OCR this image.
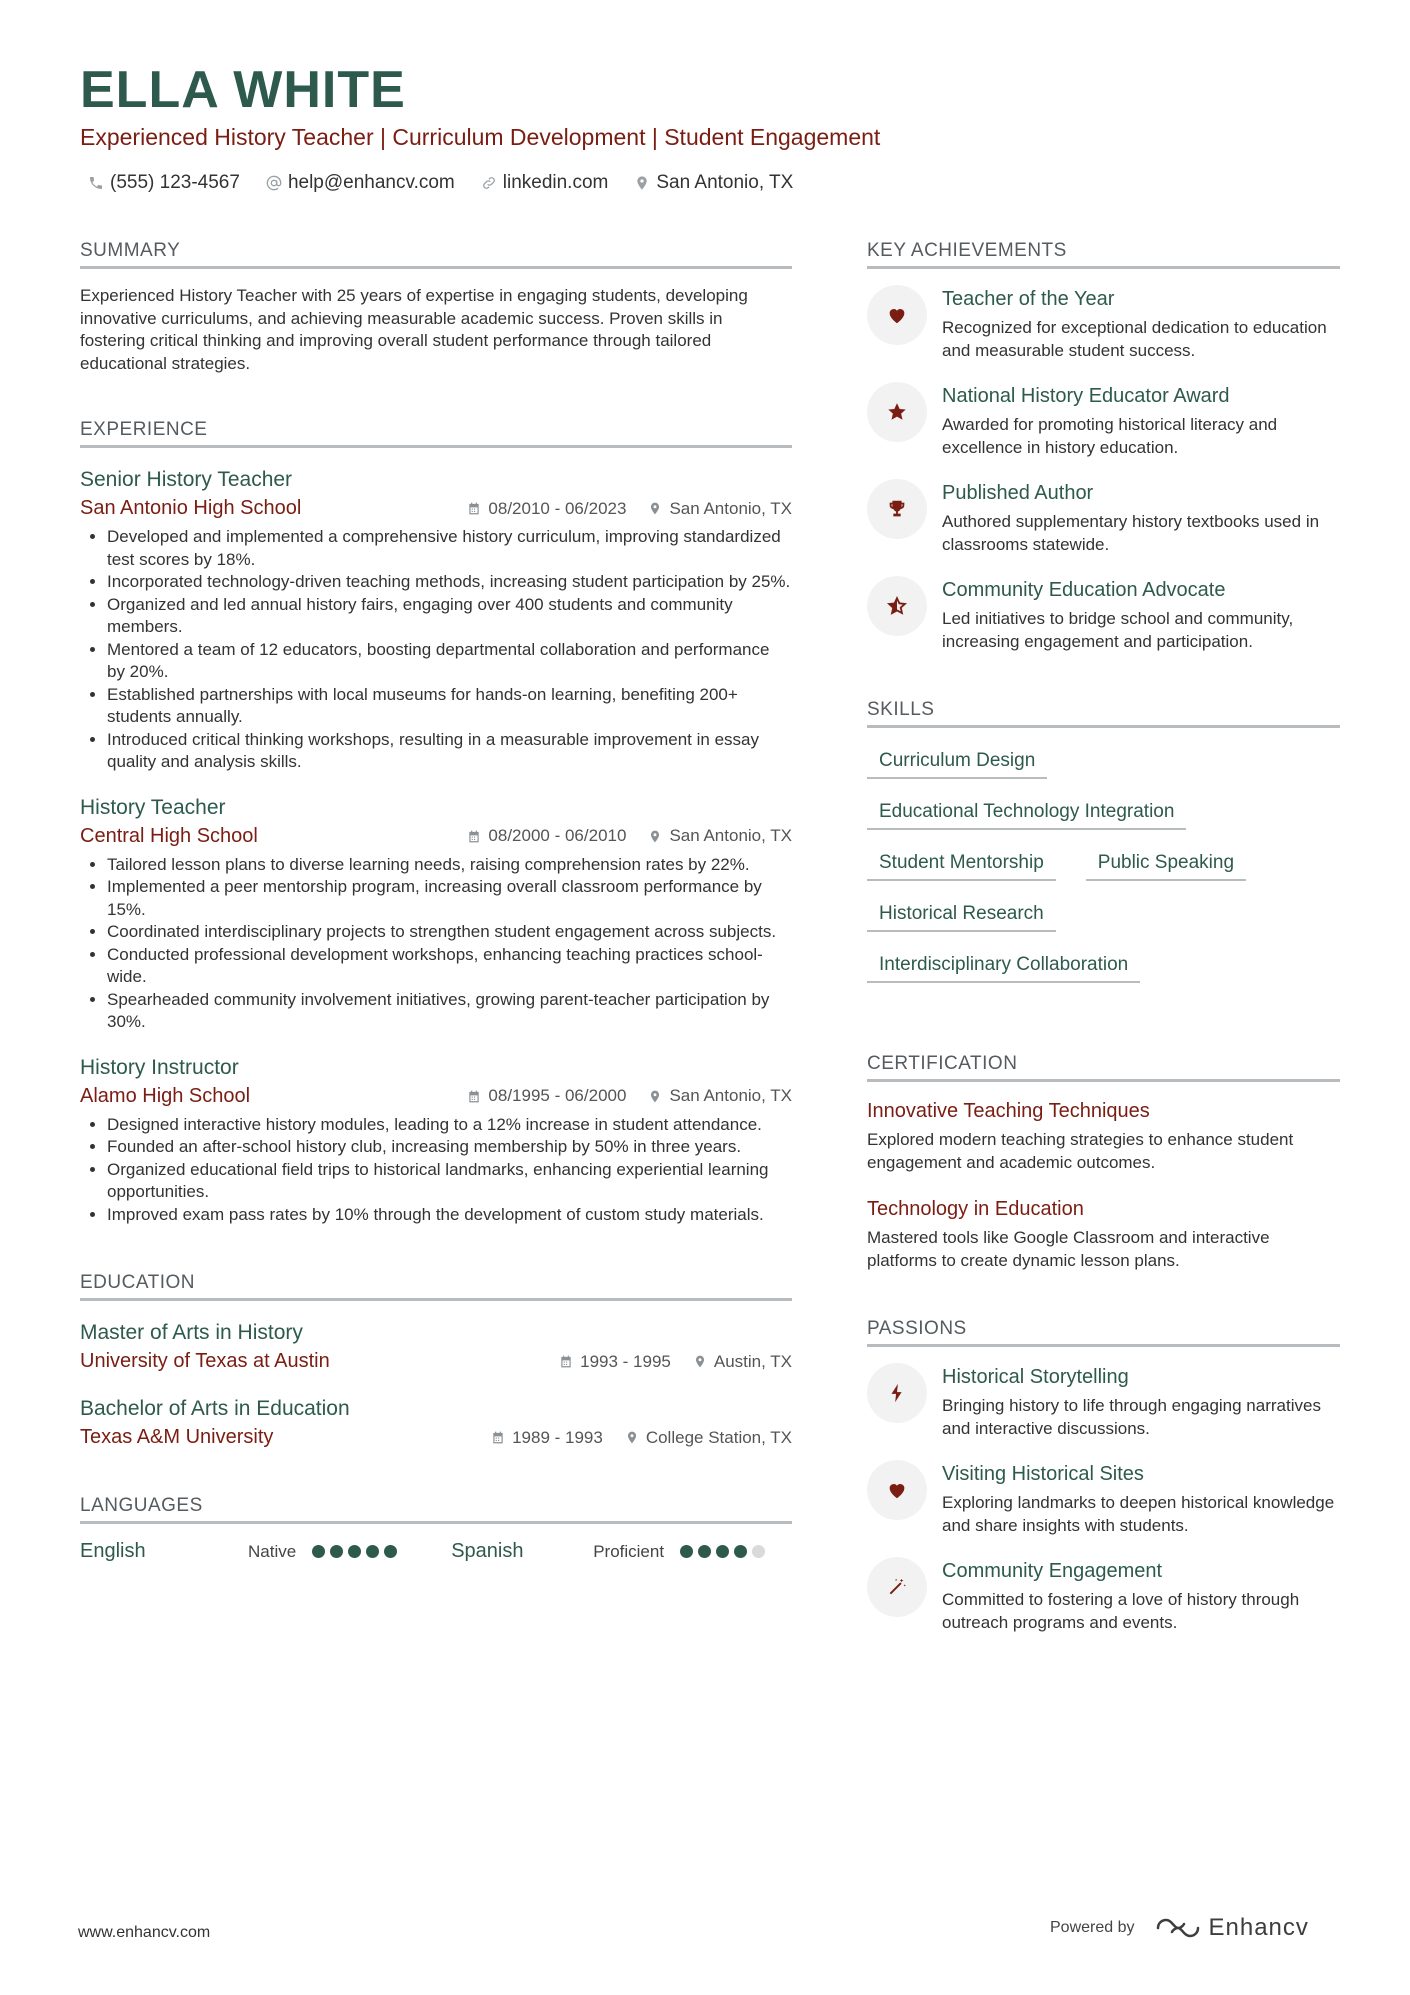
ELLA WHITE
Experienced History Teacher | Curriculum Development | Student Engagement
(555) 123-4567	help@enhancv.com	linkedin.com	San Antonio, TX
SUMMARY

Experienced History Teacher with 25 years of expertise in engaging students, developing innovative curriculums, and achieving measurable academic success. Proven skills in fostering critical thinking and improving overall student performance through tailored educational strategies.

EXPERIENCE
Senior History Teacher
San Antonio High School	08/2010 - 06/2023	San Antonio, TX
• Developed and implemented a comprehensive history curriculum, improving standardized test scores by 18%.
• Incorporated technology-driven teaching methods, increasing student participation by 25%.
• Organized and led annual history fairs, engaging over 400 students and community members.
• Mentored a team of 12 educators, boosting departmental collaboration and performance by 20%.
• Established partnerships with local museums for hands-on learning, benefiting 200+ students annually.
• Introduced critical thinking workshops, resulting in a measurable improvement in essay quality and analysis skills.
History Teacher
Central High School	08/2000 - 06/2010	San Antonio, TX
• Tailored lesson plans to diverse learning needs, raising comprehension rates by 22%.
• Implemented a peer mentorship program, increasing overall classroom performance by 15%.
• Coordinated interdisciplinary projects to strengthen student engagement across subjects.
• Conducted professional development workshops, enhancing teaching practices school-wide.
• Spearheaded community involvement initiatives, growing parent-teacher participation by 30%.
History Instructor
Alamo High School	08/1995 - 06/2000	San Antonio, TX
• Designed interactive history modules, leading to a 12% increase in student attendance.
• Founded an after-school history club, increasing membership by 50% in three years.
• Organized educational field trips to historical landmarks, enhancing experiential learning opportunities.
• Improved exam pass rates by 10% through the development of custom study materials.
EDUCATION
Master of Arts in History
University of Texas at Austin	1993 - 1995	Austin, TX
Bachelor of Arts in Education
Texas A&M University	1989 - 1993	College Station, TX
LANGUAGES
English	Native	Spanish	Proficient
KEY ACHIEVEMENTS
Teacher of the Year
Recognized for exceptional dedication to education and measurable student success.
National History Educator Award
Awarded for promoting historical literacy and excellence in history education.
Published Author
Authored supplementary history textbooks used in classrooms statewide.
Community Education Advocate
Led initiatives to bridge school and community, increasing engagement and participation.
SKILLS
Curriculum Design
Educational Technology Integration
Student Mentorship	Public Speaking
Historical Research
Interdisciplinary Collaboration
CERTIFICATION
Innovative Teaching Techniques
Explored modern teaching strategies to enhance student engagement and academic outcomes.
Technology in Education
Mastered tools like Google Classroom and interactive platforms to create dynamic lesson plans.
PASSIONS
Historical Storytelling
Bringing history to life through engaging narratives and interactive discussions.
Visiting Historical Sites
Exploring landmarks to deepen historical knowledge and share insights with students.
Community Engagement
Committed to fostering a love of history through outreach programs and events.
www.enhancv.com	Powered by	Enhancv
